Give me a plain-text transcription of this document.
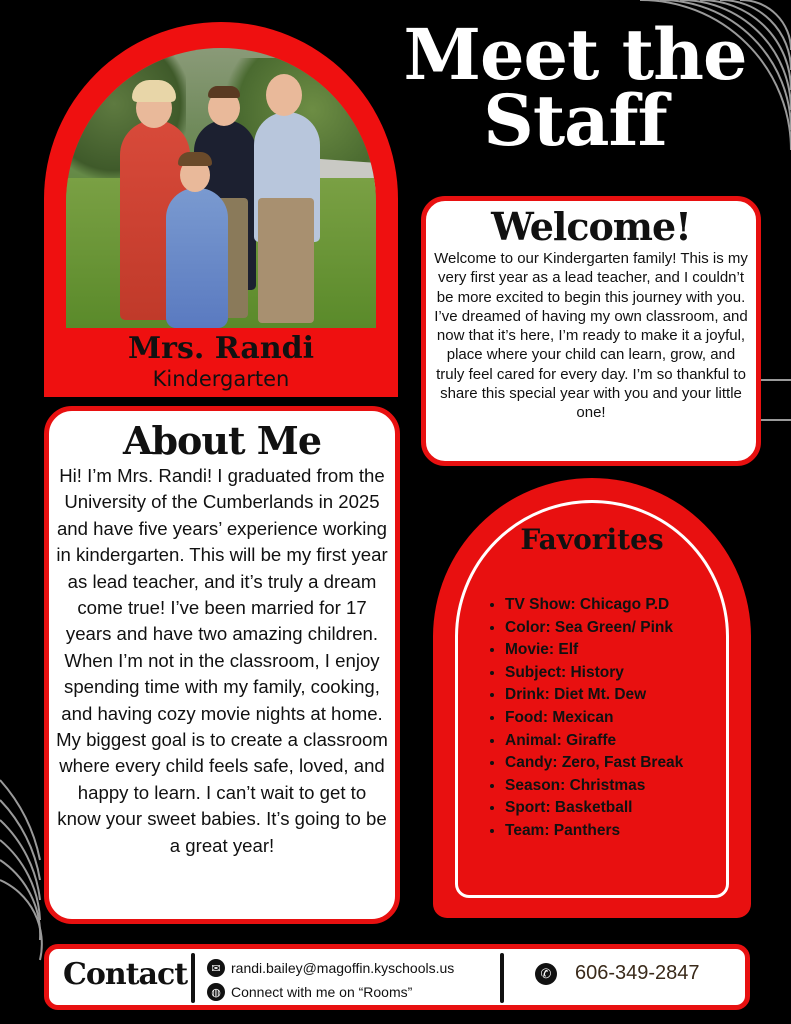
Meet the
Staff
Mrs. Randi
Kindergarten
Welcome!

Welcome to our Kindergarten family! This is my very first year as a lead teacher, and I couldn’t be more excited to begin this journey with you. I’ve dreamed of having my own classroom, and now that it’s here, I’m ready to make it a joyful, place where your child can learn, grow, and truly feel cared for every day. I’m so thankful to share this special year with you and your little one!

About Me

Hi! I’m Mrs. Randi! I graduated from the University of the Cumberlands in 2025 and have five years’ experience working in kindergarten. This will be my first year as lead teacher, and it’s truly a dream come true! I’ve been married for 17 years and have two amazing children. When I’m not in the classroom, I enjoy spending time with my family, cooking, and having cozy movie nights at home. My biggest goal is to create a classroom where every child feels safe, loved, and happy to learn. I can’t wait to get to know your sweet babies. It’s going to be a great year!

Favorites
• TV Show: Chicago P.D
• Color: Sea Green/ Pink
• Movie: Elf
• Subject: History
• Drink: Diet Mt. Dew
• Food: Mexican
• Animal: Giraffe
• Candy: Zero, Fast Break
• Season: Christmas
• Sport: Basketball
• Team: Panthers
Contact	✉ randi.bailey@magoffin.kyschools.us
◍ Connect with me on “Rooms”
✆ 606-349-2847
